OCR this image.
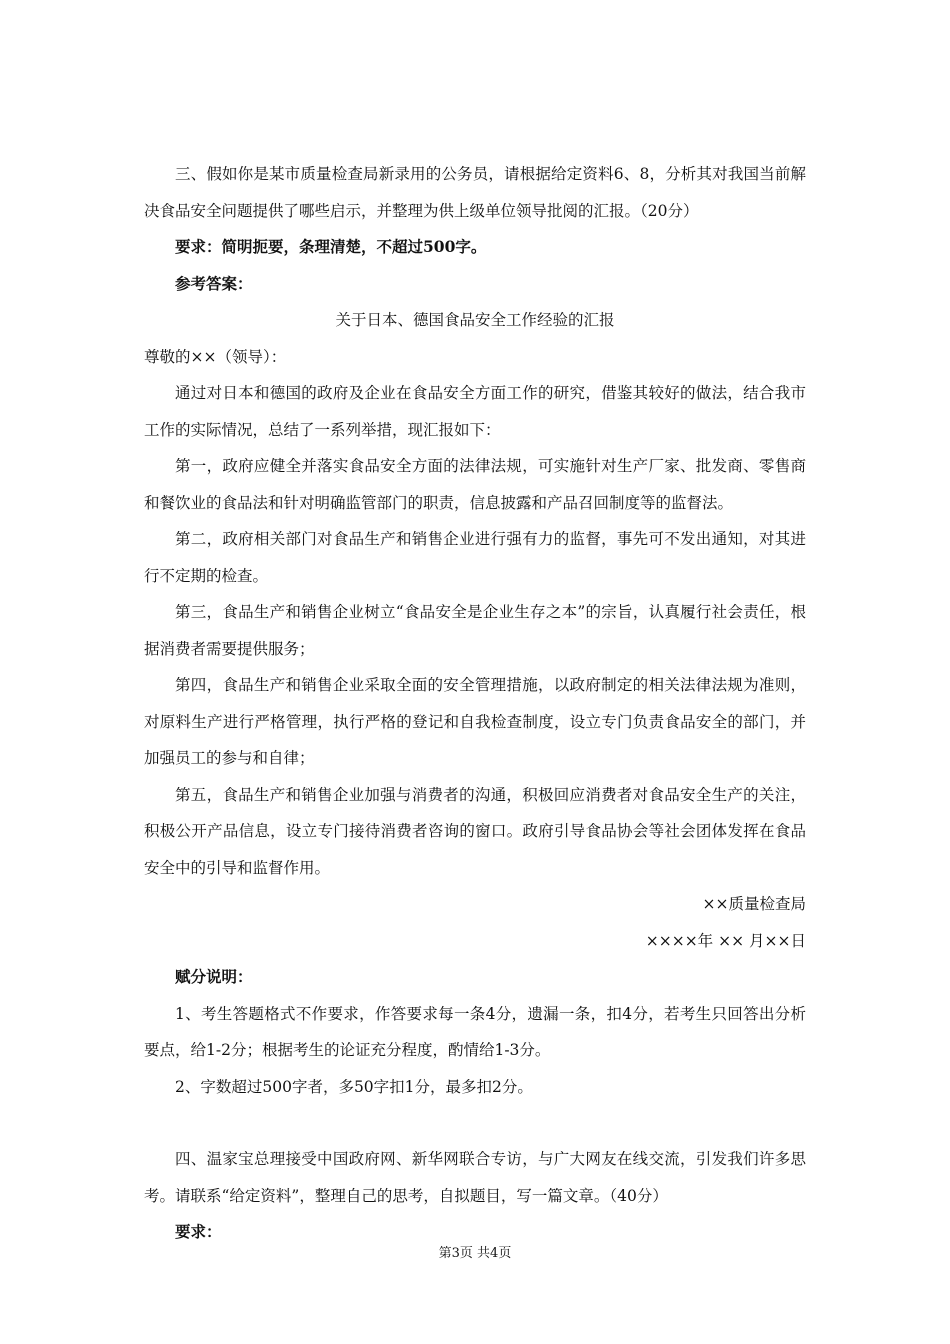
三、假如你是某市质量检查局新录用的公务员，请根据给定资料6、8，分析其对我国当前解决食品安全问题提供了哪些启示，并整理为供上级单位领导批阅的汇报。（20分）

要求：简明扼要，条理清楚，不超过500字。

参考答案：

关于日本、德国食品安全工作经验的汇报

尊敬的××（领导）：

通过对日本和德国的政府及企业在食品安全方面工作的研究，借鉴其较好的做法，结合我市工作的实际情况，总结了一系列举措，现汇报如下：

第一，政府应健全并落实食品安全方面的法律法规，可实施针对生产厂家、批发商、零售商和餐饮业的食品法和针对明确监管部门的职责，信息披露和产品召回制度等的监督法。

第二，政府相关部门对食品生产和销售企业进行强有力的监督，事先可不发出通知，对其进行不定期的检查。

第三，食品生产和销售企业树立“食品安全是企业生存之本”的宗旨，认真履行社会责任，根据消费者需要提供服务；

第四，食品生产和销售企业采取全面的安全管理措施，以政府制定的相关法律法规为准则，对原料生产进行严格管理，执行严格的登记和自我检查制度，设立专门负责食品安全的部门，并加强员工的参与和自律；

第五，食品生产和销售企业加强与消费者的沟通，积极回应消费者对食品安全生产的关注，积极公开产品信息，设立专门接待消费者咨询的窗口。政府引导食品协会等社会团体发挥在食品安全中的引导和监督作用。

××质量检查局

××××年 ×× 月××日

赋分说明：

1、考生答题格式不作要求，作答要求每一条4分，遗漏一条，扣4分，若考生只回答出分析要点，给1-2分；根据考生的论证充分程度，酌情给1-3分。

2、字数超过500字者，多50字扣1分，最多扣2分。

四、温家宝总理接受中国政府网、新华网联合专访，与广大网友在线交流，引发我们许多思考。请联系“给定资料”，整理自己的思考，自拟题目，写一篇文章。（40分）

要求：

第3页 共4页
